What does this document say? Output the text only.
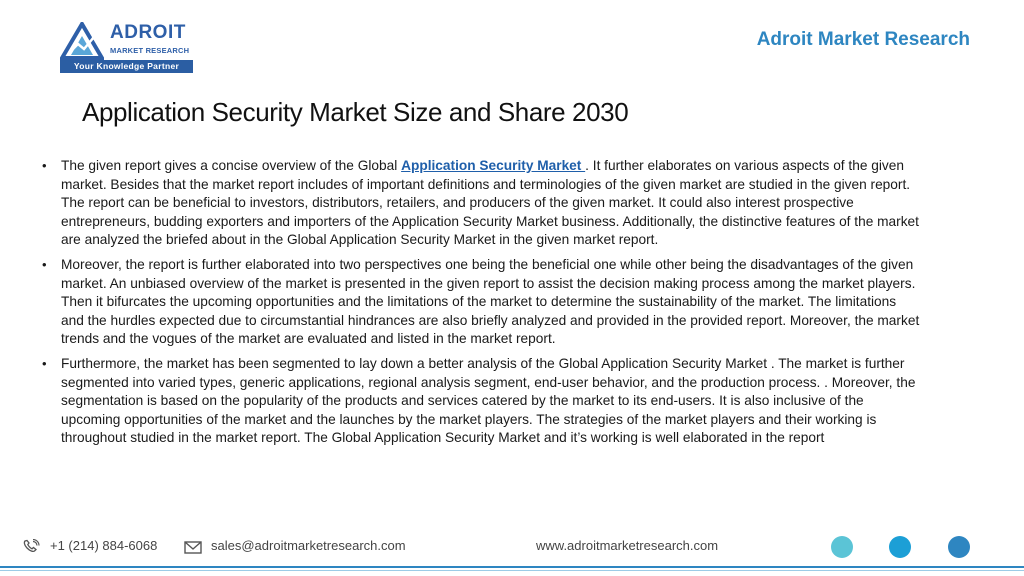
ADROIT
MARKET RESEARCH
Your Knowledge Partner
Adroit Market Research
Application Security Market Size and Share 2030
• The given report gives a concise overview of the Global Application Security Market . It further elaborates on various aspects of the given market. Besides that the market report includes of important definitions and terminologies of the given market are studied in the given report. The report can be beneficial to investors, distributors, retailers, and producers of the given market. It could also interest prospective entrepreneurs, budding exporters and importers of the Application Security Market business. Additionally, the distinctive features of the market are analyzed the briefed about in the Global Application Security Market in the given market report.
• Moreover, the report is further elaborated into two perspectives one being the beneficial one while other being the disadvantages of the given market. An unbiased overview of the market is presented in the given report to assist the decision making process among the market players. Then it bifurcates the upcoming opportunities and the limitations of the market to determine the sustainability of the market. The limitations and the hurdles expected due to circumstantial hindrances are also briefly analyzed and provided in the provided report. Moreover, the market trends and the vogues of the market are evaluated and listed in the market report.
• Furthermore, the market has been segmented to lay down a better analysis of the Global Application Security Market . The market is further segmented into varied types, generic applications, regional analysis segment, end-user behavior, and the production process. . Moreover, the segmentation is based on the popularity of the products and services catered by the market to its end-users. It is also inclusive of the upcoming opportunities of the market and the launches by the market players. The strategies of the market players and their working is throughout studied in the market report. The Global Application Security Market and it’s working is well elaborated in the report
+1 (214) 884-6068	sales@adroitmarketresearch.com	www.adroitmarketresearch.com
